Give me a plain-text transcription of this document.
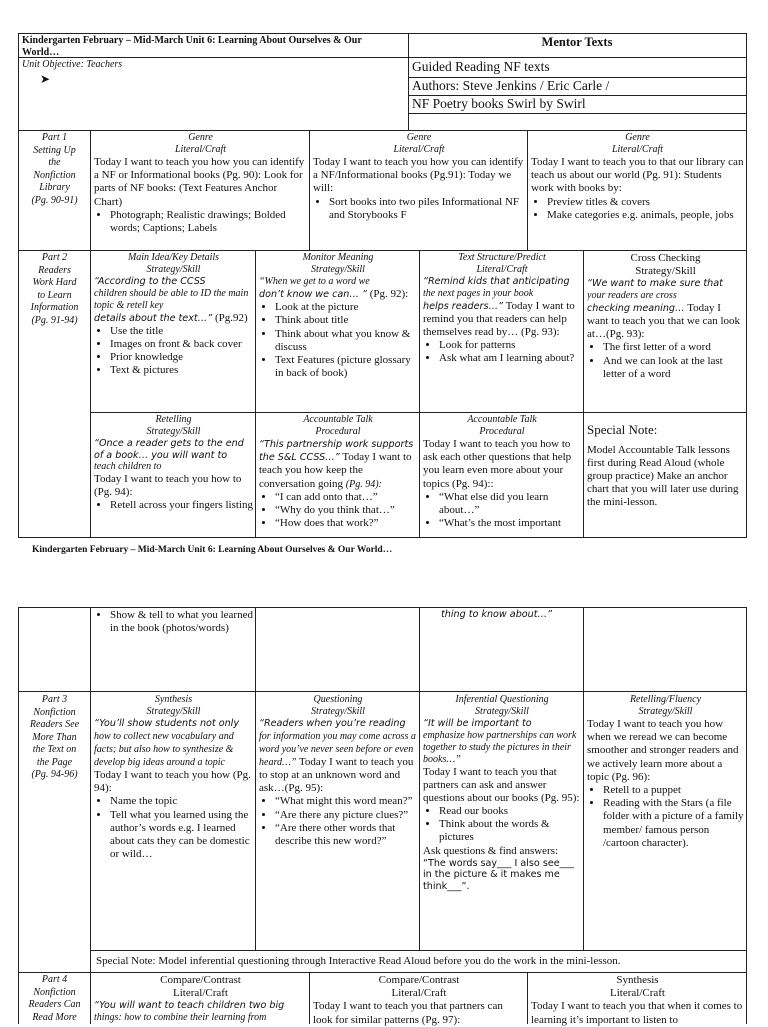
Kindergarten February – Mid-March Unit 6: Learning About Ourselves & Our
World…
Mentor Texts
Unit Objective: Teachers
➤
Guided Reading NF texts
Authors: Steve Jenkins / Eric Carle /
NF Poetry books Swirl by Swirl
Part 1
Setting Up
the
Nonfiction
Library
(Pg. 90-91)
Genre
Literal/Craft

Today I want to teach you how you can identify a NF or Informational books (Pg. 90): Look for parts of NF books: (Text Features Anchor Chart)

• Photograph; Realistic drawings; Bolded words; Captions; Labels
Genre
Literal/Craft

Today I want to teach you how you can identify a NF/Informational books (Pg.91): Today we will:

• Sort books into two piles Informational NF and Storybooks F
Genre
Literal/Craft

Today I want to teach you to that our library can teach us about our world (Pg. 91): Students work with books by:

• Preview titles & covers
• Make categories e.g. animals, people, jobs
Part 2
Readers
Work Hard
to Learn
Information
(Pg. 91-94)
Main Idea/Key Details
Strategy/Skill
“According to the CCSS
children should be able to ID the main topic & retell key
details about the text…” (Pg.92)
• Use the title
• Images on front & back cover
• Prior knowledge
• Text & pictures
Monitor Meaning
Strategy/Skill
“When we get to a word we
don’t know we can… ” (Pg. 92):
• Look at the picture
• Think about title
• Think about what you know & discuss
• Text Features (picture glossary in back of book)
Text Structure/Predict
Literal/Craft
“Remind kids that anticipating
the next pages in your book
helps readers…” Today I want to remind you that readers can help themselves read by… (Pg. 93):
• Look for patterns
• Ask what am I learning about?
Cross Checking
Strategy/Skill
“We want to make sure that
your readers are cross
checking meaning… Today I want to teach you that we can look at…(Pg. 93):
• The first letter of a word
• And we can look at the last letter of a word
Retelling
Strategy/Skill
“Once a reader gets to the end of a book… you will want to
teach children to

Today I want to teach you how to (Pg. 94):

• Retell across your fingers listing
Accountable Talk
Procedural
“This partnership work supports the S&L CCSS…” Today I want to teach you how keep the conversation going (Pg. 94):
• “I can add onto that…”
• “Why do you think that…”
• “How does that work?”
Accountable Talk
Procedural

Today I want to teach you how to ask each other questions that help you learn even more about your topics (Pg. 94)::

• “What else did you learn about…”
• “What’s the most important
Special Note:

Model Accountable Talk lessons first during Read Aloud (whole group practice) Make an anchor chart that you will later use during the mini-lesson.

Kindergarten February – Mid-March Unit 6: Learning About Ourselves & Our World…
• Show & tell to what you learned in the book (photos/words)
thing to know about…”
Part 3
Nonfiction
Readers See
More Than
the Text on
the Page
(Pg. 94-96)
Synthesis
Strategy/Skill
“You’ll show students not only
how to collect new vocabulary and facts; but also how to synthesize & develop big ideas around a topic Today I want to teach you how (Pg. 94):
• Name the topic
• Tell what you learned using the author’s words e.g. I learned about cats they can be domestic or wild…
Questioning
Strategy/Skill
“Readers when you’re reading
for information you may come across a word you’ve never seen before or even heard…” Today I want to teach you to stop at an unknown word and ask…(Pg. 95):
• “What might this word mean?”
• “Are there any picture clues?”
• “Are there other words that describe this new word?”
Inferential Questioning
Strategy/Skill
“It will be important to
emphasize how partnerships can work together to study the pictures in their books…”

Today I want to teach you that partners can ask and answer questions about our books (Pg. 95):

• Read our books
• Think about the words & pictures

Ask questions & find answers:

“The words say___ I also see___ in the picture & it makes me think___”.

Retelling/Fluency
Strategy/Skill

Today I want to teach you how when we reread we can become smoother and stronger readers and we actively learn more about a topic (Pg. 96):

• Retell to a puppet
• Reading with the Stars (a file folder with a picture of a family member/ famous person /cartoon character).
Special Note: Model inferential questioning through Interactive Read Aloud before you do the work in the mini-lesson.
Part 4
Nonfiction
Readers Can
Read More
Compare/Contrast
Literal/Craft
“You will want to teach children two big
things: how to combine their learning from
Compare/Contrast
Literal/Craft

Today I want to teach you that partners can look for similar patterns (Pg. 97):

Synthesis
Literal/Craft

Today I want to teach you that when it comes to learning it’s important to listen to
